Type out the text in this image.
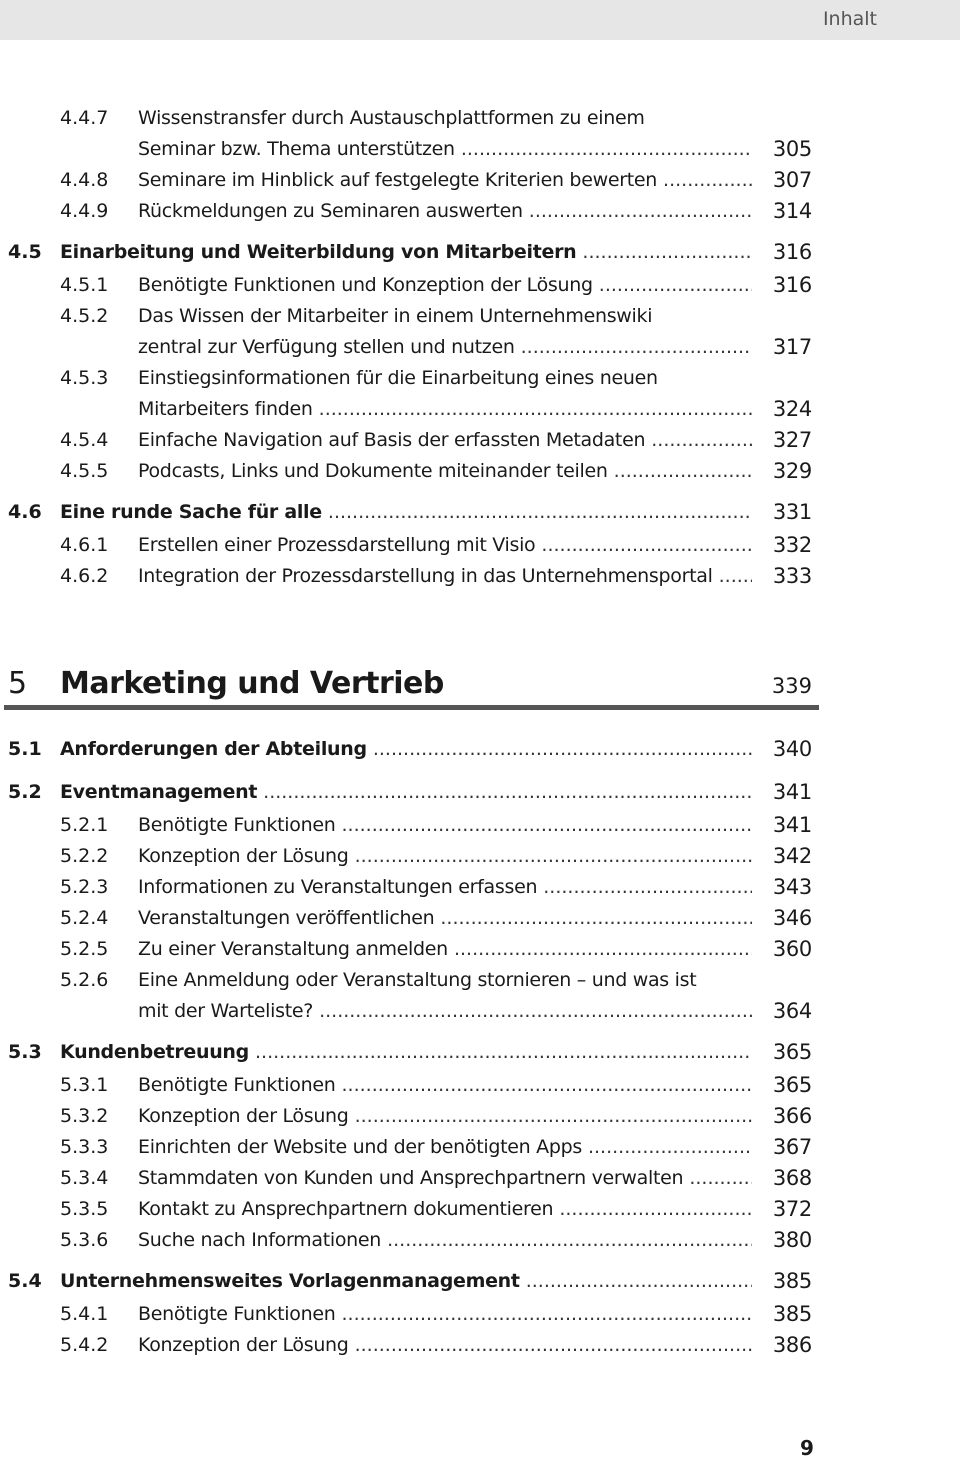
Inhalt
4.4.7 Wissenstransfer durch Austauschplattformen zu einem
Seminar bzw. Thema unterstützen .....	305
4.4.8 Seminare im Hinblick auf festgelegte Kriterien bewerten .....	307
4.4.9 Rückmeldungen zu Seminaren auswerten .....	314
4.5 Einarbeitung und Weiterbildung von Mitarbeitern .....	316
4.5.1 Benötigte Funktionen und Konzeption der Lösung .....	316
4.5.2 Das Wissen der Mitarbeiter in einem Unternehmenswiki
zentral zur Verfügung stellen und nutzen .....	317
4.5.3 Einstiegsinformationen für die Einarbeitung eines neuen
Mitarbeiters finden .....	324
4.5.4 Einfache Navigation auf Basis der erfassten Metadaten .....	327
4.5.5 Podcasts, Links und Dokumente miteinander teilen .....	329
4.6 Eine runde Sache für alle .....	331
4.6.1 Erstellen einer Prozessdarstellung mit Visio .....	332
4.6.2 Integration der Prozessdarstellung in das Unternehmensportal .....	333
5 Marketing und Vertrieb	339
5.1 Anforderungen der Abteilung .....	340
5.2 Eventmanagement .....	341
5.2.1 Benötigte Funktionen .....	341
5.2.2 Konzeption der Lösung .....	342
5.2.3 Informationen zu Veranstaltungen erfassen .....	343
5.2.4 Veranstaltungen veröffentlichen .....	346
5.2.5 Zu einer Veranstaltung anmelden .....	360
5.2.6 Eine Anmeldung oder Veranstaltung stornieren – und was ist
mit der Warteliste? .....	364
5.3 Kundenbetreuung .....	365
5.3.1 Benötigte Funktionen .....	365
5.3.2 Konzeption der Lösung .....	366
5.3.3 Einrichten der Website und der benötigten Apps .....	367
5.3.4 Stammdaten von Kunden und Ansprechpartnern verwalten .....	368
5.3.5 Kontakt zu Ansprechpartnern dokumentieren .....	372
5.3.6 Suche nach Informationen .....	380
5.4 Unternehmensweites Vorlagenmanagement .....	385
5.4.1 Benötigte Funktionen .....	385
5.4.2 Konzeption der Lösung .....	386
9
